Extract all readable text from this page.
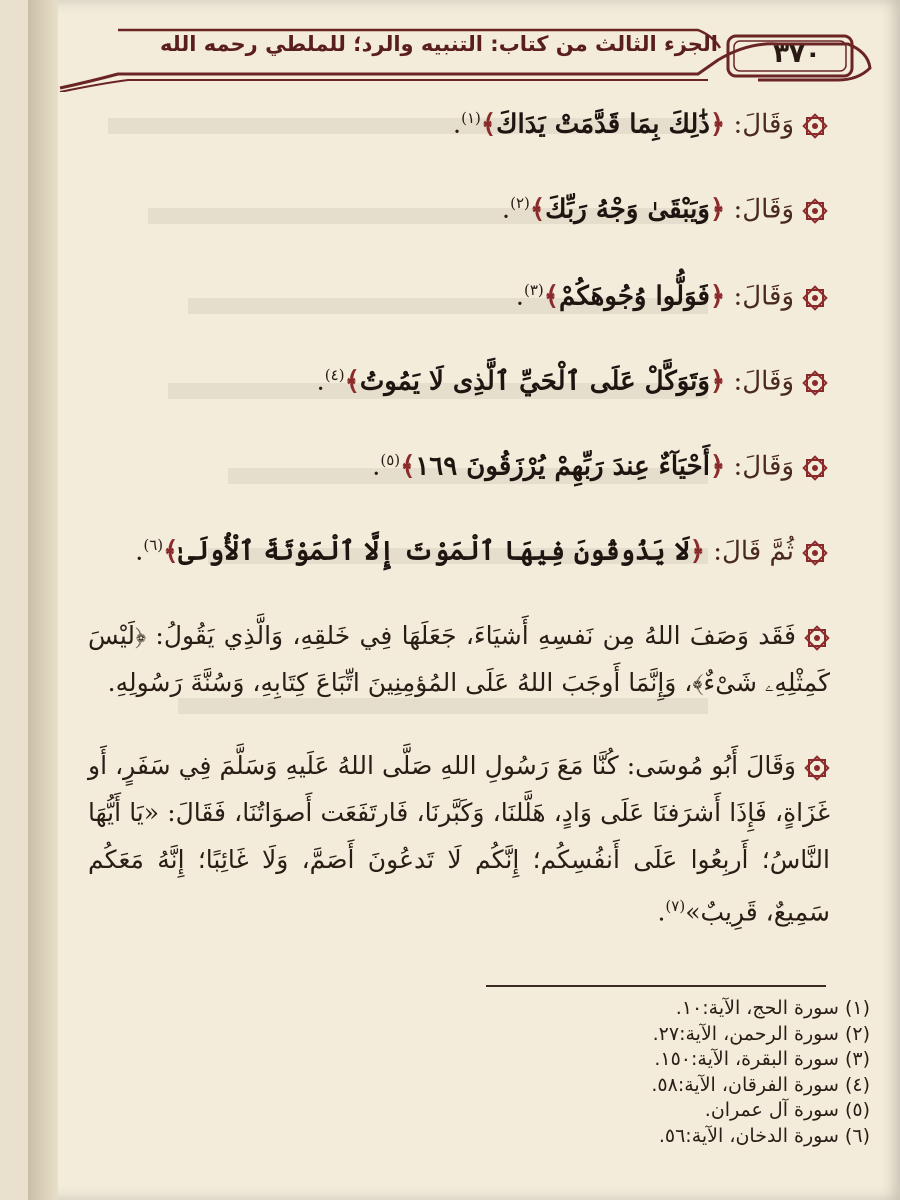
الجزء الثالث من كتاب: التنبيه والرد؛ للملطي رحمه الله	٣٧٠
وَقَالَ: ﴿ذَٰلِكَ بِمَا قَدَّمَتْ يَدَاكَ﴾$^{(١)}$.
وَقَالَ: ﴿وَيَبْقَىٰ وَجْهُ رَبِّكَ﴾$^{(٢)}$.
وَقَالَ: ﴿فَوَلُّوا وُجُوهَكُمْ﴾$^{(٣)}$.
وَقَالَ: ﴿وَتَوَكَّلْ عَلَى ٱلْحَيِّ ٱلَّذِى لَا يَمُوتُ﴾$^{(٤)}$.
وَقَالَ: ﴿أَحْيَآءٌ عِندَ رَبِّهِمْ يُرْزَقُونَ ١٦٩﴾$^{(٥)}$.
ثُمَّ قَالَ: ﴿لَا يَذُوقُونَ فِيهَا ٱلْمَوْتَ إِلَّا ٱلْمَوْتَةَ ٱلْأُولَىٰ﴾$^{(٦)}$.
فَقَد وَصَفَ اللهُ مِن نَفسِهِ أَشيَاءَ، جَعَلَهَا فِي خَلقِهِ، وَالَّذِي يَقُولُ: ﴿لَيْسَ كَمِثْلِهِۦ شَىْءٌ﴾، وَإِنَّمَا أَوجَبَ اللهُ عَلَى المُؤمِنِينَ اتِّبَاعَ كِتَابِهِ، وَسُنَّةَ رَسُولِهِ.
وَقَالَ أَبُو مُوسَى: كُنَّا مَعَ رَسُولِ اللهِ صَلَّى اللهُ عَلَيهِ وَسَلَّمَ فِي سَفَرٍ، أَو غَزَاةٍ، فَإِذَا أَشرَفنَا عَلَى وَادٍ، هَلَّلنَا، وَكَبَّرنَا، فَارتَفَعَت أَصوَاتُنَا، فَقَالَ: «يَا أَيُّهَا النَّاسُ؛ أَربِعُوا عَلَى أَنفُسِكُم؛ إِنَّكُم لَا تَدعُونَ أَصَمَّ، وَلَا غَائِبًا؛ إِنَّهُ مَعَكُم سَمِيعٌ، قَرِيبٌ»$^{(٧)}$.
(١) سورة الحج، الآية:١٠.
(٢) سورة الرحمن، الآية:٢٧.
(٣) سورة البقرة، الآية:١٥٠.
(٤) سورة الفرقان، الآية:٥٨.
(٥) سورة آل عمران.
(٦) سورة الدخان، الآية:٥٦.
